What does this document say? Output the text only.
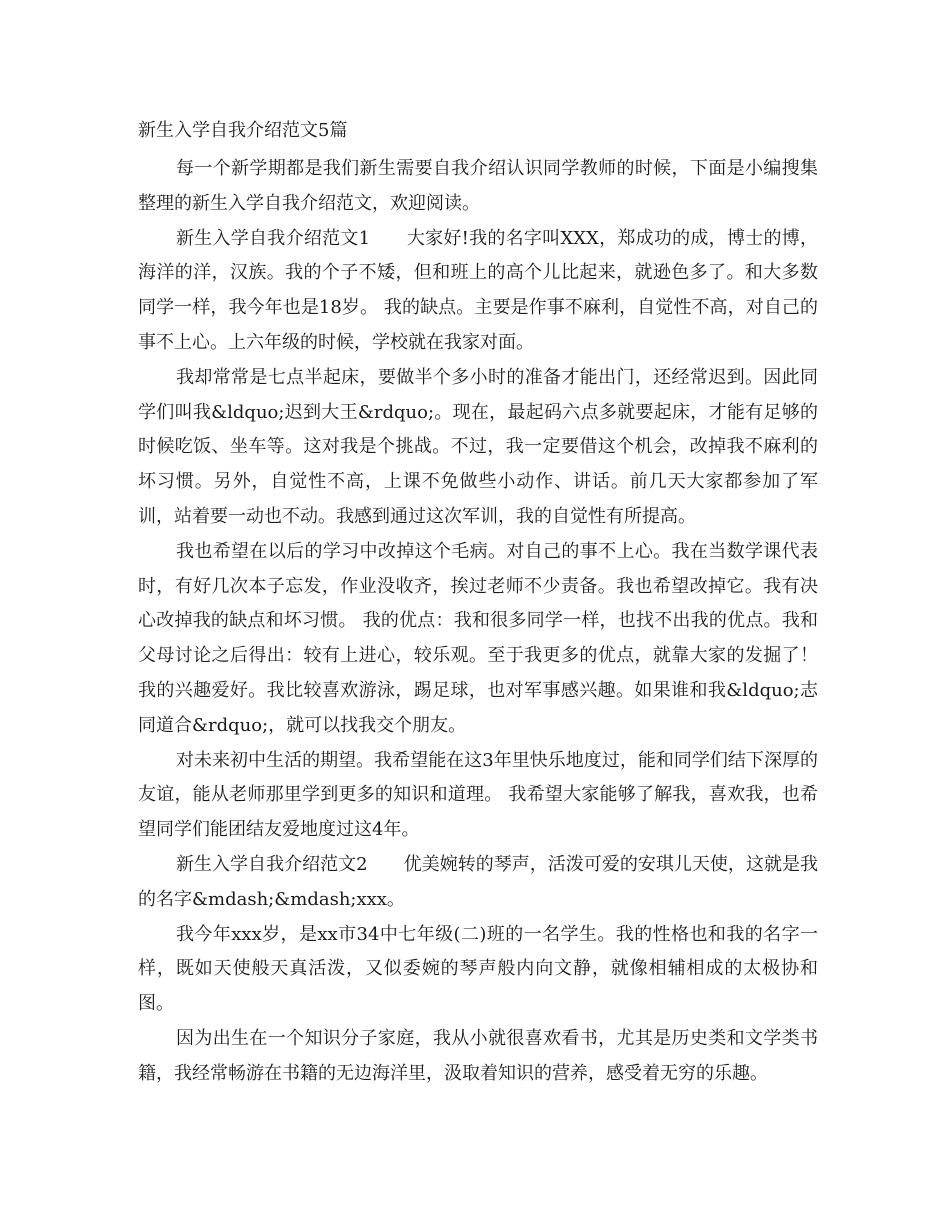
新生入学自我介绍范文5篇

每一个新学期都是我们新生需要自我介绍认识同学教师的时候，下面是小编搜集整理的新生入学自我介绍范文，欢迎阅读。

新生入学自我介绍范文1　　大家好!我的名字叫XXX，郑成功的成，博士的博，海洋的洋，汉族。我的个子不矮，但和班上的高个儿比起来，就逊色多了。和大多数同学一样，我今年也是18岁。 我的缺点。主要是作事不麻利，自觉性不高，对自己的事不上心。上六年级的时候，学校就在我家对面。

我却常常是七点半起床，要做半个多小时的准备才能出门，还经常迟到。因此同学们叫我&ldquo;迟到大王&rdquo;。现在，最起码六点多就要起床，才能有足够的时候吃饭、坐车等。这对我是个挑战。不过，我一定要借这个机会，改掉我不麻利的坏习惯。另外，自觉性不高，上课不免做些小动作、讲话。前几天大家都参加了军训，站着要一动也不动。我感到通过这次军训，我的自觉性有所提高。

我也希望在以后的学习中改掉这个毛病。对自己的事不上心。我在当数学课代表时，有好几次本子忘发，作业没收齐，挨过老师不少责备。我也希望改掉它。我有决心改掉我的缺点和坏习惯。 我的优点：我和很多同学一样，也找不出我的优点。我和父母讨论之后得出：较有上进心，较乐观。至于我更多的优点，就靠大家的发掘了！我的兴趣爱好。我比较喜欢游泳，踢足球，也对军事感兴趣。如果谁和我&ldquo;志同道合&rdquo;，就可以找我交个朋友。

对未来初中生活的期望。我希望能在这3年里快乐地度过，能和同学们结下深厚的友谊，能从老师那里学到更多的知识和道理。 我希望大家能够了解我，喜欢我，也希望同学们能团结友爱地度过这4年。

新生入学自我介绍范文2　　优美婉转的琴声，活泼可爱的安琪儿天使，这就是我的名字&mdash;&mdash;xxx。

我今年xxx岁，是xx市34中七年级(二)班的一名学生。我的性格也和我的名字一样，既如天使般天真活泼，又似委婉的琴声般内向文静，就像相辅相成的太极协和图。

因为出生在一个知识分子家庭，我从小就很喜欢看书，尤其是历史类和文学类书籍，我经常畅游在书籍的无边海洋里，汲取着知识的营养，感受着无穷的乐趣。
